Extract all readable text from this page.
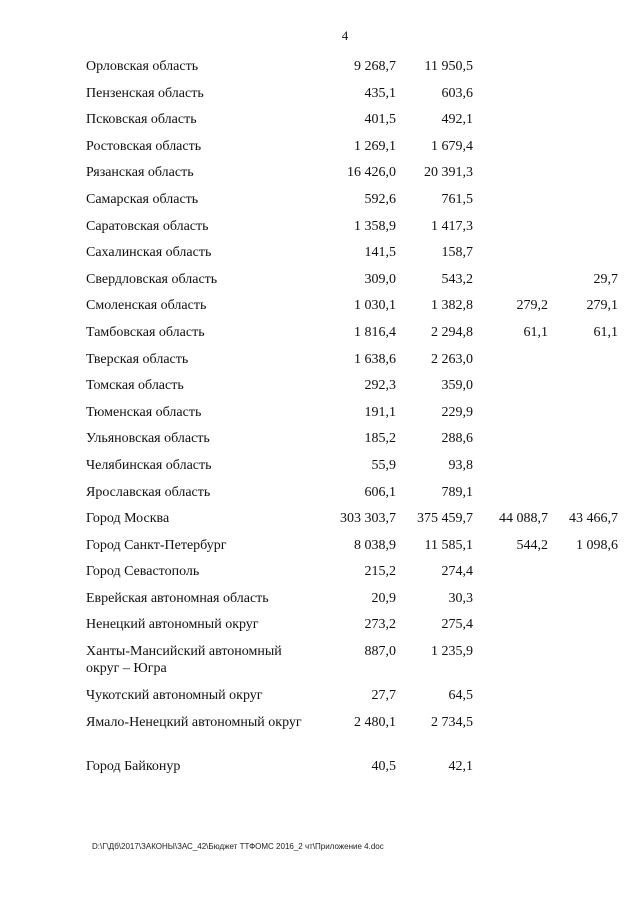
4
Орловская область	9 268,7	11 950,5		
Пензенская область	435,1	603,6		
Псковская область	401,5	492,1		
Ростовская область	1 269,1	1 679,4		
Рязанская область	16 426,0	20 391,3		
Самарская область	592,6	761,5		
Саратовская область	1 358,9	1 417,3		
Сахалинская область	141,5	158,7		
Свердловская область	309,0	543,2		29,7
Смоленская область	1 030,1	1 382,8	279,2	279,1
Тамбовская область	1 816,4	2 294,8	61,1	61,1
Тверская область	1 638,6	2 263,0		
Томская область	292,3	359,0		
Тюменская область	191,1	229,9		
Ульяновская область	185,2	288,6		
Челябинская область	55,9	93,8		
Ярославская область	606,1	789,1		
Город Москва	303 303,7	375 459,7	44 088,7	43 466,7
Город Санкт-Петербург	8 038,9	11 585,1	544,2	1 098,6
Город Севастополь	215,2	274,4		
Еврейская автономная область	20,9	30,3		
Ненецкий автономный округ	273,2	275,4		
Ханты-Мансийский автономный округ – Югра	887,0	1 235,9		
Чукотский автономный округ	27,7	64,5		
Ямало-Ненецкий автономный округ	2 480,1	2 734,5		
Город Байконур	40,5	42,1		
D:\Г\Дб\2017\ЗАКОНЫ\ЗАС_42\Бюджет ТТФОМС 2016_2 чт\Приложение 4.doc
